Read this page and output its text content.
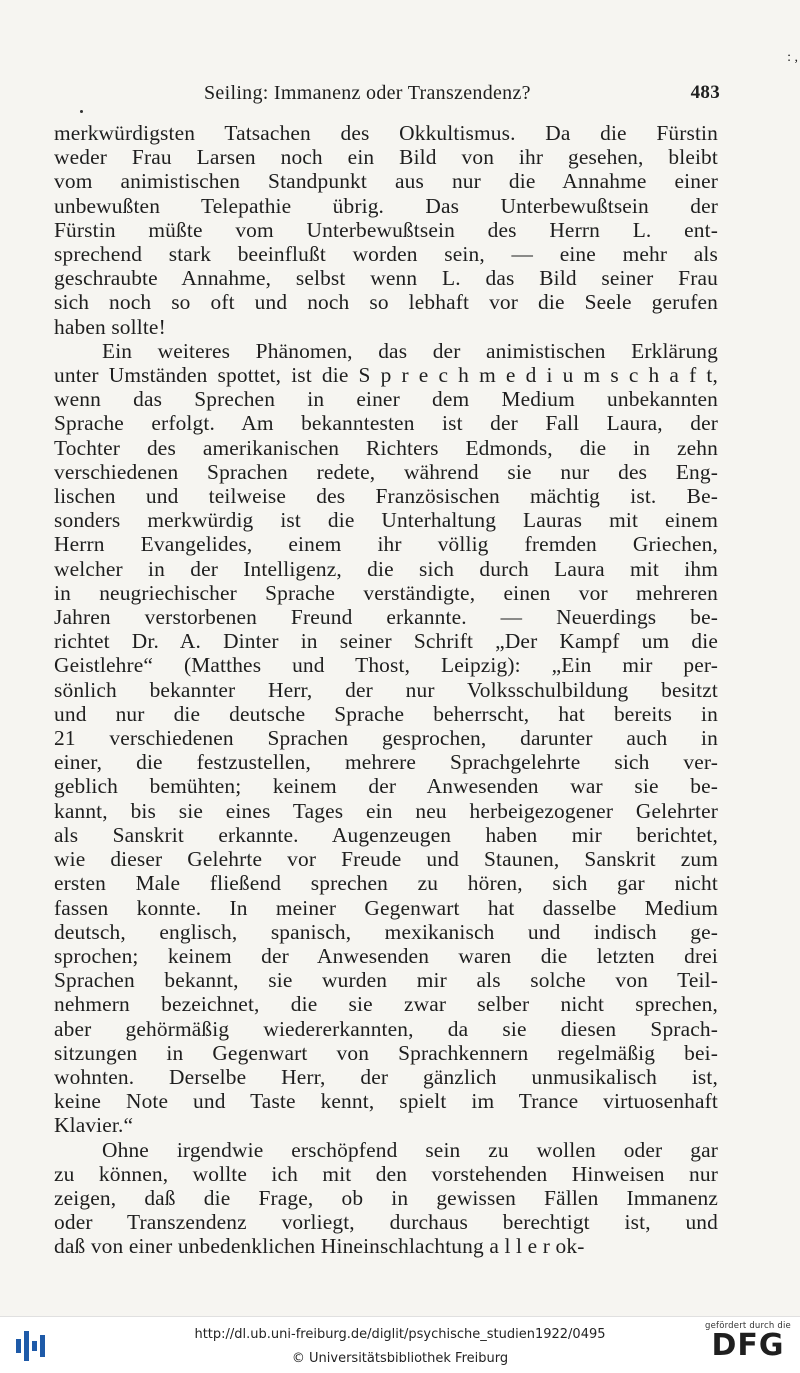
: ,
Seiling: Immanenz oder Transzendenz?	483

merkwürdigsten Tatsachen des Okkultismus. Da die Fürstin
weder Frau Larsen noch ein Bild von ihr gesehen, bleibt
vom animistischen Standpunkt aus nur die Annahme einer
unbewußten Telepathie übrig. Das Unterbewußtsein der
Fürstin müßte vom Unterbewußtsein des Herrn L. ent-
sprechend stark beeinflußt worden sein, — eine mehr als
geschraubte Annahme, selbst wenn L. das Bild seiner Frau
sich noch so oft und noch so lebhaft vor die Seele gerufen
haben sollte!

Ein weiteres Phänomen, das der animistischen Erklärung
unter Umständen spottet, ist die S p r e c h m e d i u m s c h a f t,
wenn das Sprechen in einer dem Medium unbekannten
Sprache erfolgt. Am bekanntesten ist der Fall Laura, der
Tochter des amerikanischen Richters Edmonds, die in zehn
verschiedenen Sprachen redete, während sie nur des Eng-
lischen und teilweise des Französischen mächtig ist. Be-
sonders merkwürdig ist die Unterhaltung Lauras mit einem
Herrn Evangelides, einem ihr völlig fremden Griechen,
welcher in der Intelligenz, die sich durch Laura mit ihm
in neugriechischer Sprache verständigte, einen vor mehreren
Jahren verstorbenen Freund erkannte. — Neuerdings be-
richtet Dr. A. Dinter in seiner Schrift „Der Kampf um die
Geistlehre“ (Matthes und Thost, Leipzig): „Ein mir per-
sönlich bekannter Herr, der nur Volksschulbildung besitzt
und nur die deutsche Sprache beherrscht, hat bereits in
21 verschiedenen Sprachen gesprochen, darunter auch in
einer, die festzustellen, mehrere Sprachgelehrte sich ver-
geblich bemühten; keinem der Anwesenden war sie be-
kannt, bis sie eines Tages ein neu herbeigezogener Gelehrter
als Sanskrit erkannte. Augenzeugen haben mir berichtet,
wie dieser Gelehrte vor Freude und Staunen, Sanskrit zum
ersten Male fließend sprechen zu hören, sich gar nicht
fassen konnte. In meiner Gegenwart hat dasselbe Medium
deutsch, englisch, spanisch, mexikanisch und indisch ge-
sprochen; keinem der Anwesenden waren die letzten drei
Sprachen bekannt, sie wurden mir als solche von Teil-
nehmern bezeichnet, die sie zwar selber nicht sprechen,
aber gehörmäßig wiedererkannten, da sie diesen Sprach-
sitzungen in Gegenwart von Sprachkennern regelmäßig bei-
wohnten. Derselbe Herr, der gänzlich unmusikalisch ist,
keine Note und Taste kennt, spielt im Trance virtuosenhaft
Klavier.“

Ohne irgendwie erschöpfend sein zu wollen oder gar
zu können, wollte ich mit den vorstehenden Hinweisen nur
zeigen, daß die Frage, ob in gewissen Fällen Immanenz
oder Transzendenz vorliegt, durchaus berechtigt ist, und
daß von einer unbedenklichen Hineinschlachtung a l l e r ok-

http://dl.ub.uni-freiburg.de/diglit/psychische_studien1922/0495
© Universitätsbibliothek Freiburg
gefördert durch die
DFG
